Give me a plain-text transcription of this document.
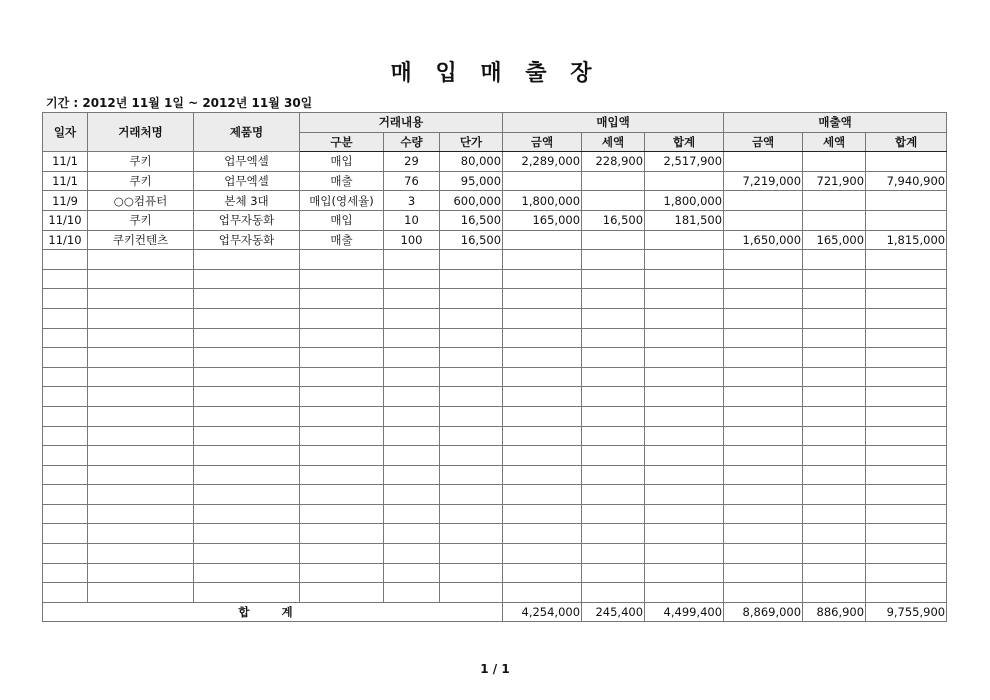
매 입 매 출 장
기간 : 2012년 11월 1일 ~ 2012년 11월 30일
일자	거래처명	제품명	거래내용			매입액			매출액		
			구분	수량	단가	금액	세액	합계	금액	세액	합계
11/1	쿠키	업무엑셀	매입	29	80,000	2,289,000	228,900	2,517,900			
11/1	쿠키	업무엑셀	매출	76	95,000				7,219,000	721,900	7,940,900
11/9	○○컴퓨터	본체 3대	매입(영세율)	3	600,000	1,800,000		1,800,000			
11/10	쿠키	업무자동화	매입	10	16,500	165,000	16,500	181,500			
11/10	쿠키컨텐츠	업무자동화	매출	100	16,500				1,650,000	165,000	1,815,000

합 계						4,254,000	245,400	4,499,400	8,869,000	886,900	9,755,900
1 / 1
